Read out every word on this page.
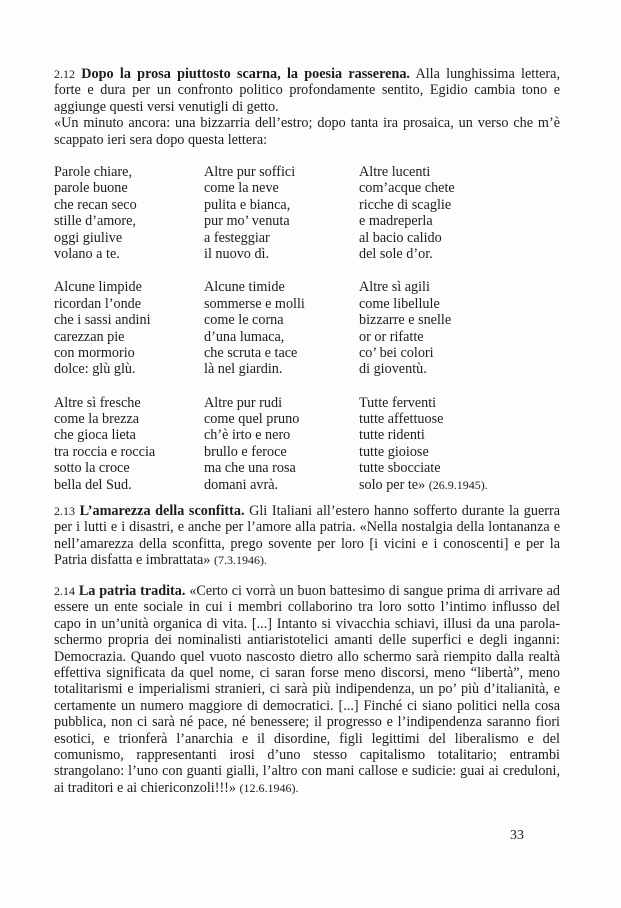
2.12 Dopo la prosa piuttosto scarna, la poesia rasserena. Alla lunghissima lettera, forte e dura per un confronto politico profondamente sentito, Egidio cambia tono e aggiunge questi versi venutigli di getto.
«Un minuto ancora: una bizzarria dell’estro; dopo tanta ira prosaica, un verso che m’è scappato ieri sera dopo questa lettera:
Parole chiare,
parole buone
che recan seco
stille d’amore,
oggi giulive
volano a te.
Altre pur soffici
come la neve
pulita e bianca,
pur mo’ venuta
a festeggiar
il nuovo dì.
Altre lucenti
com’acque chete
ricche di scaglie
e madreperla
al bacio calido
del sole d’or.
Alcune limpide
ricordan l’onde
che i sassi andini
carezzan pie
con mormorio
dolce: glù glù.
Alcune timide
sommerse e molli
come le corna
d’una lumaca,
che scruta e tace
là nel giardin.
Altre sì agili
come libellule
bizzarre e snelle
or or rifatte
co’ bei colori
di gioventù.
Altre sì fresche
come la brezza
che gioca lieta
tra roccia e roccia
sotto la croce
bella del Sud.
Altre pur rudi
come quel pruno
ch’è irto e nero
brullo e feroce
ma che una rosa
domani avrà.
Tutte ferventi
tutte affettuose
tutte ridenti
tutte gioiose
tutte sbocciate
solo per te» (26.9.1945).
2.13 L’amarezza della sconfitta. Gli Italiani all’estero hanno sofferto durante la guerra per i lutti e i disastri, e anche per l’amore alla patria. «Nella nostalgia della lontananza e nell’amarezza della sconfitta, prego sovente per loro [i vicini e i conoscenti] e per la Patria disfatta e imbrattata» (7.3.1946).
2.14 La patria tradita. «Certo ci vorrà un buon battesimo di sangue prima di arrivare ad essere un ente sociale in cui i membri collaborino tra loro sotto l’intimo influsso del capo in un’unità organica di vita. [...] Intanto si vivacchia schiavi, illusi da una parola-schermo propria dei nominalisti antiaristotelici amanti delle superfici e degli inganni: Democrazia. Quando quel vuoto nascosto dietro allo schermo sarà riempito dalla realtà effettiva significata da quel nome, ci saran forse meno discorsi, meno “libertà”, meno totalitarismi e imperialismi stranieri, ci sarà più indipendenza, un po’ più d’italianità, e certamente un numero maggiore di democratici. [...] Finché ci siano politici nella cosa pubblica, non ci sarà né pace, né benessere; il progresso e l’indipendenza saranno fiori esotici, e trionferà l’anarchia e il disordine, figli legittimi del liberalismo e del comunismo, rappresentanti irosi d’uno stesso capitalismo totalitario; entrambi strangolano: l’uno con guanti gialli, l’altro con mani callose e sudicie: guai ai creduloni, ai traditori e ai chiericonzoli!!!» (12.6.1946).
33
